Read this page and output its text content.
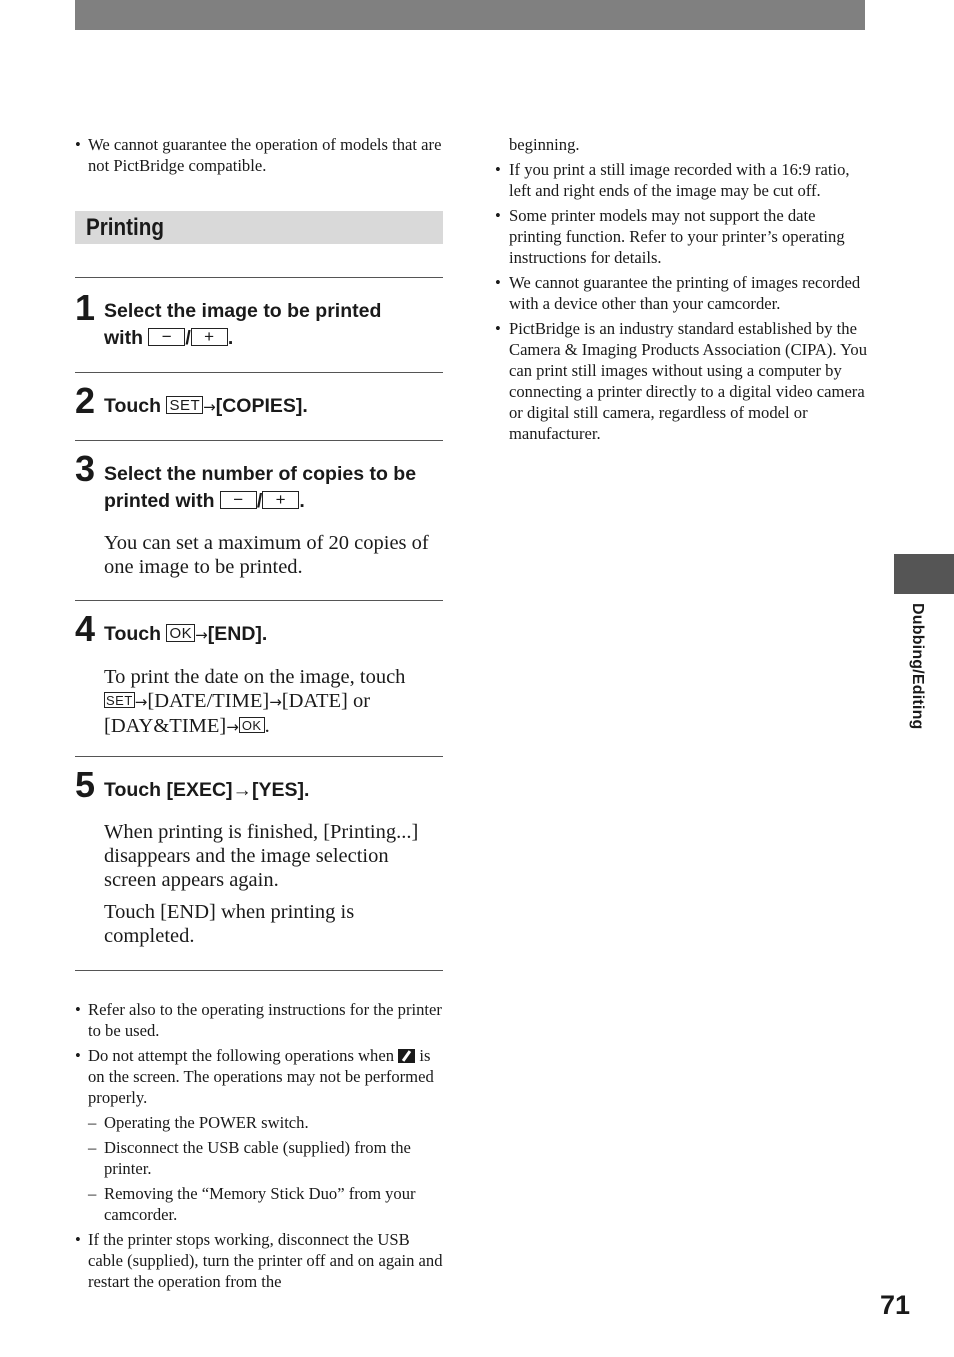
• We cannot guarantee the operation of models that are not PictBridge compatible.
Printing
1 Select the image to be printed
with − / + .

2 Touch SET →[COPIES].

3 Select the number of copies to be printed with − / + .

You can set a maximum of 20 copies of one image to be printed.

4 Touch OK →[END].

To print the date on the image, touch
SET →[DATE/TIME]→[DATE] or [DAY&TIME]→ OK .

5 Touch [EXEC]→[YES].

When printing is finished, [Printing...] disappears and the image selection screen appears again.

Touch [END] when printing is completed.

• Refer also to the operating instructions for the printer to be used.
• Do not attempt the following operations when is on the screen. The operations may not be performed properly.
– Operating the POWER switch.
– Disconnect the USB cable (supplied) from the printer.
– Removing the “Memory Stick Duo” from your camcorder.
• If the printer stops working, disconnect the USB cable (supplied), turn the printer off and on again and restart the operation from the
beginning.
• If you print a still image recorded with a 16:9 ratio, left and right ends of the image may be cut off.
• Some printer models may not support the date printing function. Refer to your printer’s operating instructions for details.
• We cannot guarantee the printing of images recorded with a device other than your camcorder.
• PictBridge is an industry standard established by the Camera & Imaging Products Association (CIPA). You can print still images without using a computer by connecting a printer directly to a digital video camera or digital still camera, regardless of model or manufacturer.
Dubbing/Editing
71
